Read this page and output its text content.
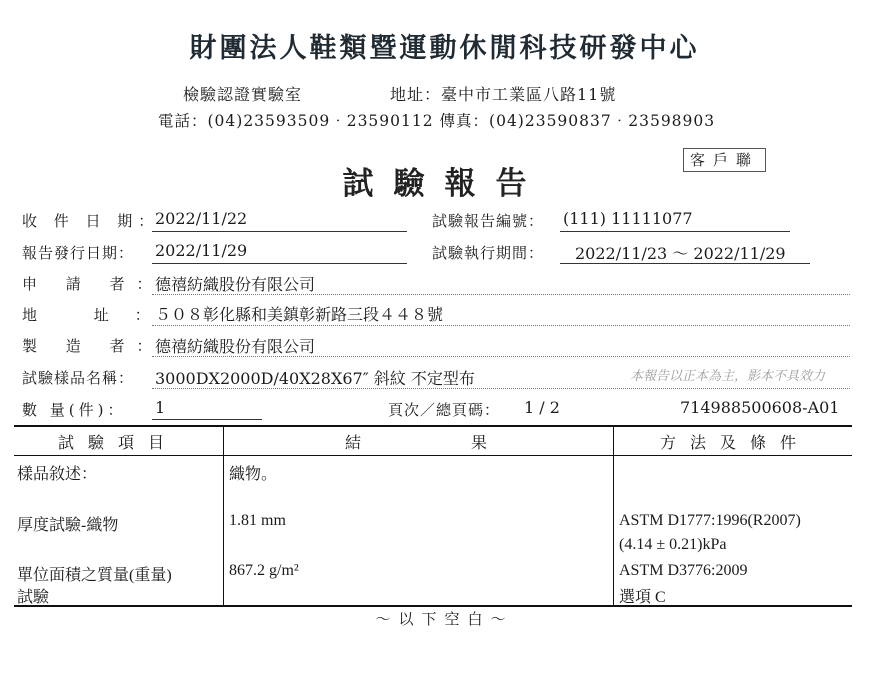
財團法人鞋類暨運動休閒科技研發中心
檢驗認證實驗室	地址：臺中市工業區八路11號
電話：(04)23593509‧23590112 傳真：(04)23590837‧23598903
客戶聯
試驗報告
收 件 日 期：
2022/11/22	試驗報告編號： (111) 11111077
報告發行日期： 2022/11/29	試驗執行期間： 2022/11/23 ～ 2022/11/29
申 請 者：
德禧紡織股份有限公司
地 址：
５０８彰化縣和美鎮彰新路三段４４８號
製 造 者：
德禧紡織股份有限公司
試驗樣品名稱： 3000DX2000D/40X28X67″ 斜紋 不定型布	本報告以正本為主，影本不具效力
數 量(件)： 1	頁次／總頁碼： 1 / 2	714988500608-A01
試驗項目	結果	方法及條件
樣品敘述：	織物。
厚度試驗-織物	1.81 mm	ASTM D1777:1996(R2007)
(4.14 ± 0.21)kPa
單位面積之質量(重量)
試驗
867.2 g/m²	ASTM D3776:2009
選項 C
～以下空白～
